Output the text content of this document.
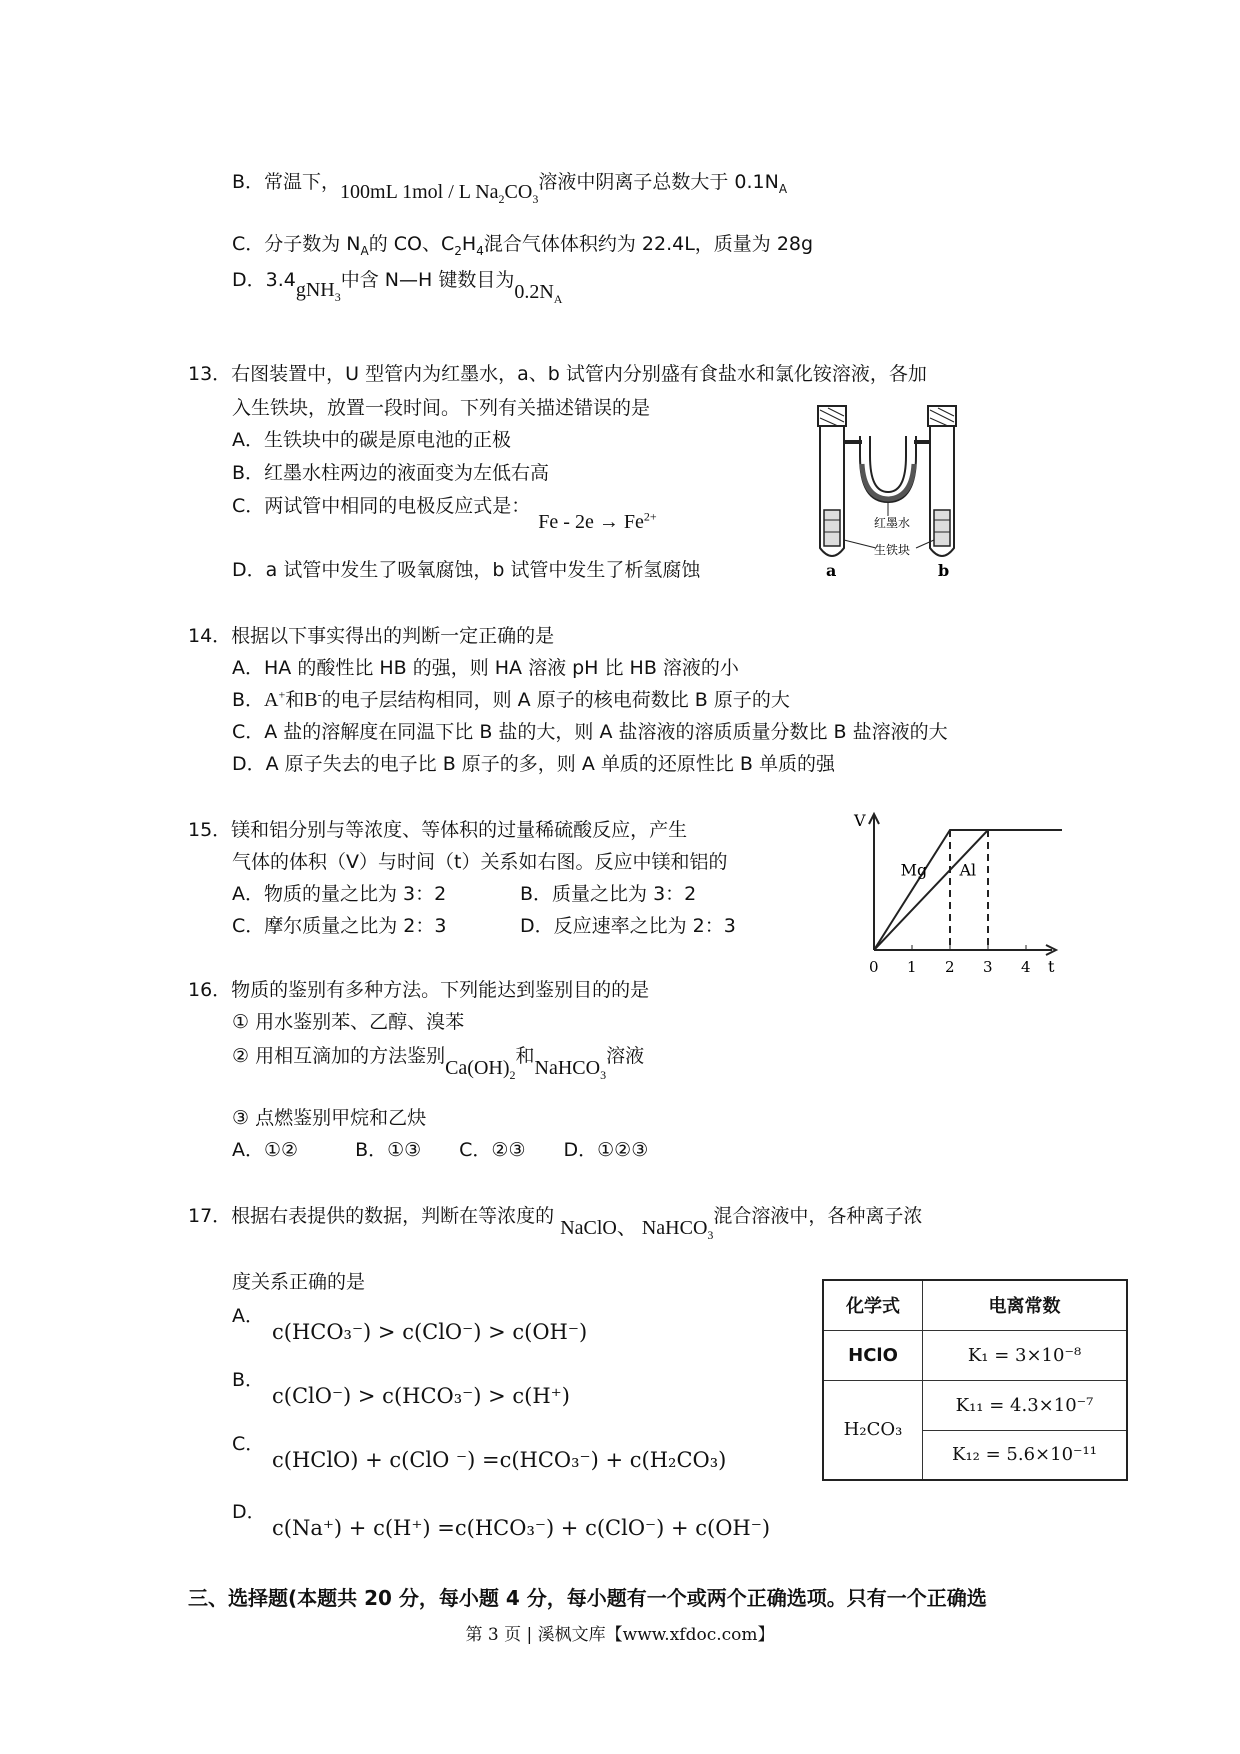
B．常温下，100mL 1mol / L $Na_2CO_3$溶液中阴离子总数大于 $0.1N_A$
C．分子数为 $N_A$的 CO、$C_2H_4$混合气体体积约为 22.4L，质量为 28g
D．3.4gNH$_3$中含 N—H 键数目为$0.2N_A$
13．右图装置中，U 型管内为红墨水，a、b 试管内分别盛有食盐水和氯化铵溶液，各加
入生铁块，放置一段时间。下列有关描述错误的是
A．生铁块中的碳是原电池的正极
B．红墨水柱两边的液面变为左低右高
C．两试管中相同的电极反应式是：$Fe - 2e \to Fe^{2+}$
D．a 试管中发生了吸氧腐蚀，b 试管中发生了析氢腐蚀
红墨水
生铁块
a	b
14．根据以下事实得出的判断一定正确的是
A．HA 的酸性比 HB 的强，则 HA 溶液 pH 比 HB 溶液的小
B．A+和B-的电子层结构相同，则 A 原子的核电荷数比 B 原子的大
C．A 盐的溶解度在同温下比 B 盐的大，则 A 盐溶液的溶质质量分数比 B 盐溶液的大
D．A 原子失去的电子比 B 原子的多，则 A 单质的还原性比 B 单质的强
15．镁和铝分别与等浓度、等体积的过量稀硫酸反应，产生
气体的体积（V）与时间（t）关系如右图。反应中镁和铝的
A．物质的量之比为 3：2	B．质量之比为 3：2
C．摩尔质量之比为 2：3	D．反应速率之比为 2：3
V
t
0 1 2 3 4
Mg Al
16．物质的鉴别有多种方法。下列能达到鉴别目的的是
① 用水鉴别苯、乙醇、溴苯
② 用相互滴加的方法鉴别$Ca(OH)_2$和NaHCO$_3$溶液
③ 点燃鉴别甲烷和乙炔
A．①②　　　B．①③　　C．②③　　D．①②③
17．根据右表提供的数据，判断在等浓度的NaClO、 NaHCO$_3$混合溶液中，各种离子浓
度关系正确的是
A．
c(HCO₃⁻) > c(ClO⁻) > c(OH⁻)
B．
c(ClO⁻) > c(HCO₃⁻) > c(H⁺)
C．
c(HClO) + c(ClO ⁻) =c(HCO₃⁻) + c(H₂CO₃)
D．
c(Na⁺) + c(H⁺) =c(HCO₃⁻) + c(ClO⁻) + c(OH⁻)
化学式	电离常数
HClO	K₁ = 3×10⁻⁸
H₂CO₃	K₁₁ = 4.3×10⁻⁷
	K₁₂ = 5.6×10⁻¹¹
三、选择题(本题共 20 分，每小题 4 分，每小题有一个或两个正确选项。只有一个正确选
第 3 页 | 溪枫文库【www.xfdoc.com】
